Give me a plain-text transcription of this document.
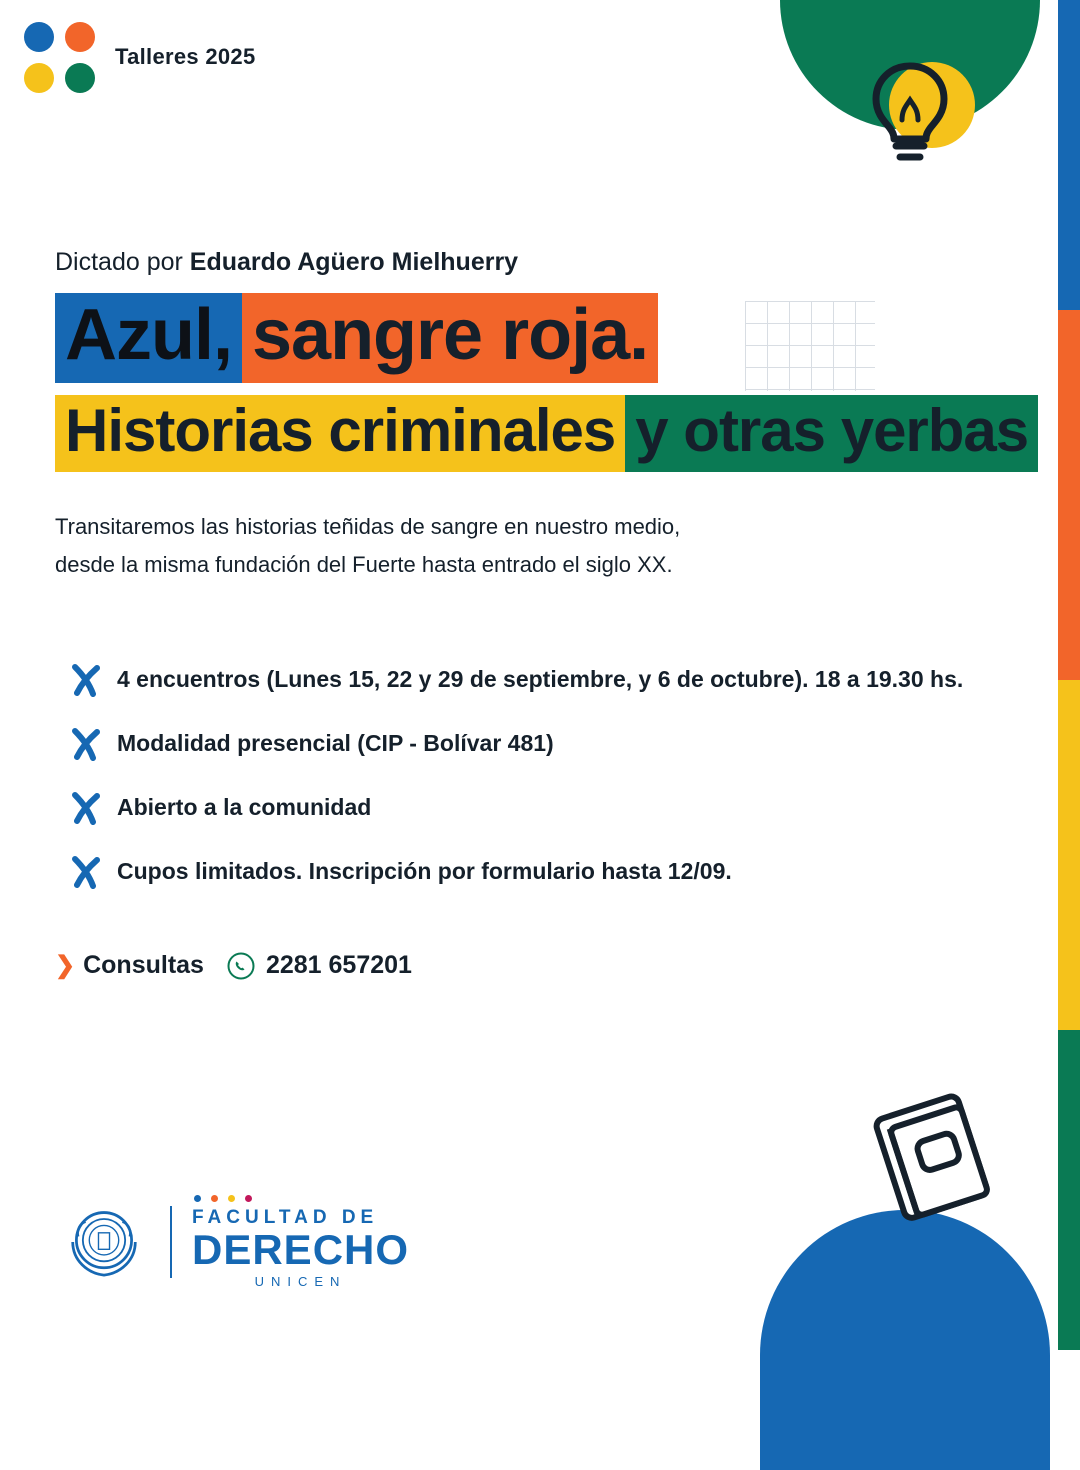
Talleres 2025
Dictado por Eduardo Agüero Mielhuerry
Azul, sangre roja.
Historias criminales y otras yerbas
Transitaremos las historias teñidas de sangre en nuestro medio,
desde la misma fundación del Fuerte hasta entrado el siglo XX.
4 encuentros (Lunes 15, 22 y 29 de septiembre, y 6 de octubre). 18 a 19.30 hs.
Modalidad presencial (CIP - Bolívar 481)
Abierto a la comunidad
Cupos limitados. Inscripción por formulario hasta 12/09.
❯ Consultas 2281 657201
FACULTAD DE
DERECHO
UNICEN
